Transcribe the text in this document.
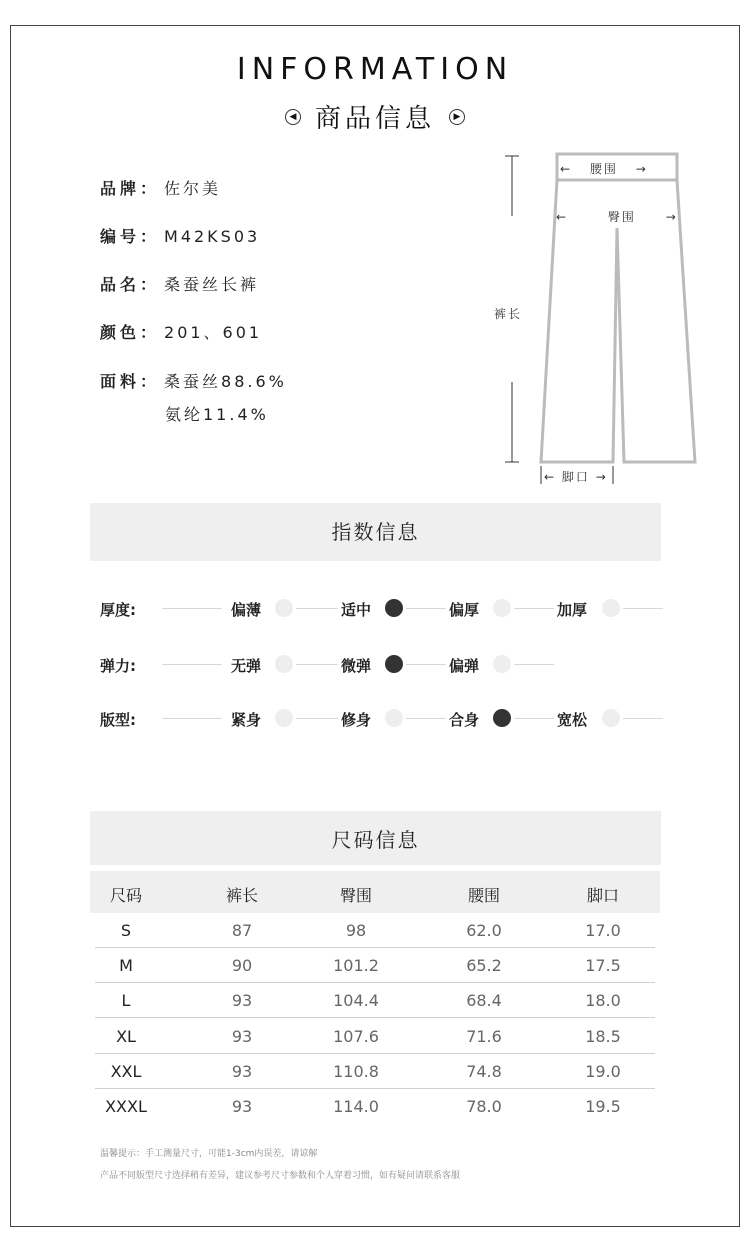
INFORMATION
◀ 商品信息 ▶
品牌： 佐尔美
编号： M42KS03
品名： 桑蚕丝长裤
颜色： 201、601
面料： 桑蚕丝88.6%
氨纶11.4%
← 腰围 →
←	臀围 →
裤长
← 脚口 →
指数信息
厚度:	偏薄	适中	偏厚	加厚
弹力:	无弹	微弹	偏弹
版型:	紧身	修身	合身	宽松
尺码信息
尺码	裤长	臀围	腰围	脚口
S	87	98	62.0	17.0
M	90	101.2	65.2	17.5
L	93	104.4	68.4	18.0
XL	93	107.6	71.6	18.5
XXL	93	110.8	74.8	19.0
XXXL	93	114.0	78.0	19.5
温馨提示：手工测量尺寸，可能1-3cm内误差，请谅解
产品不同版型尺寸选择稍有差异，建议参考尺寸参数和个人穿着习惯，如有疑问请联系客服
